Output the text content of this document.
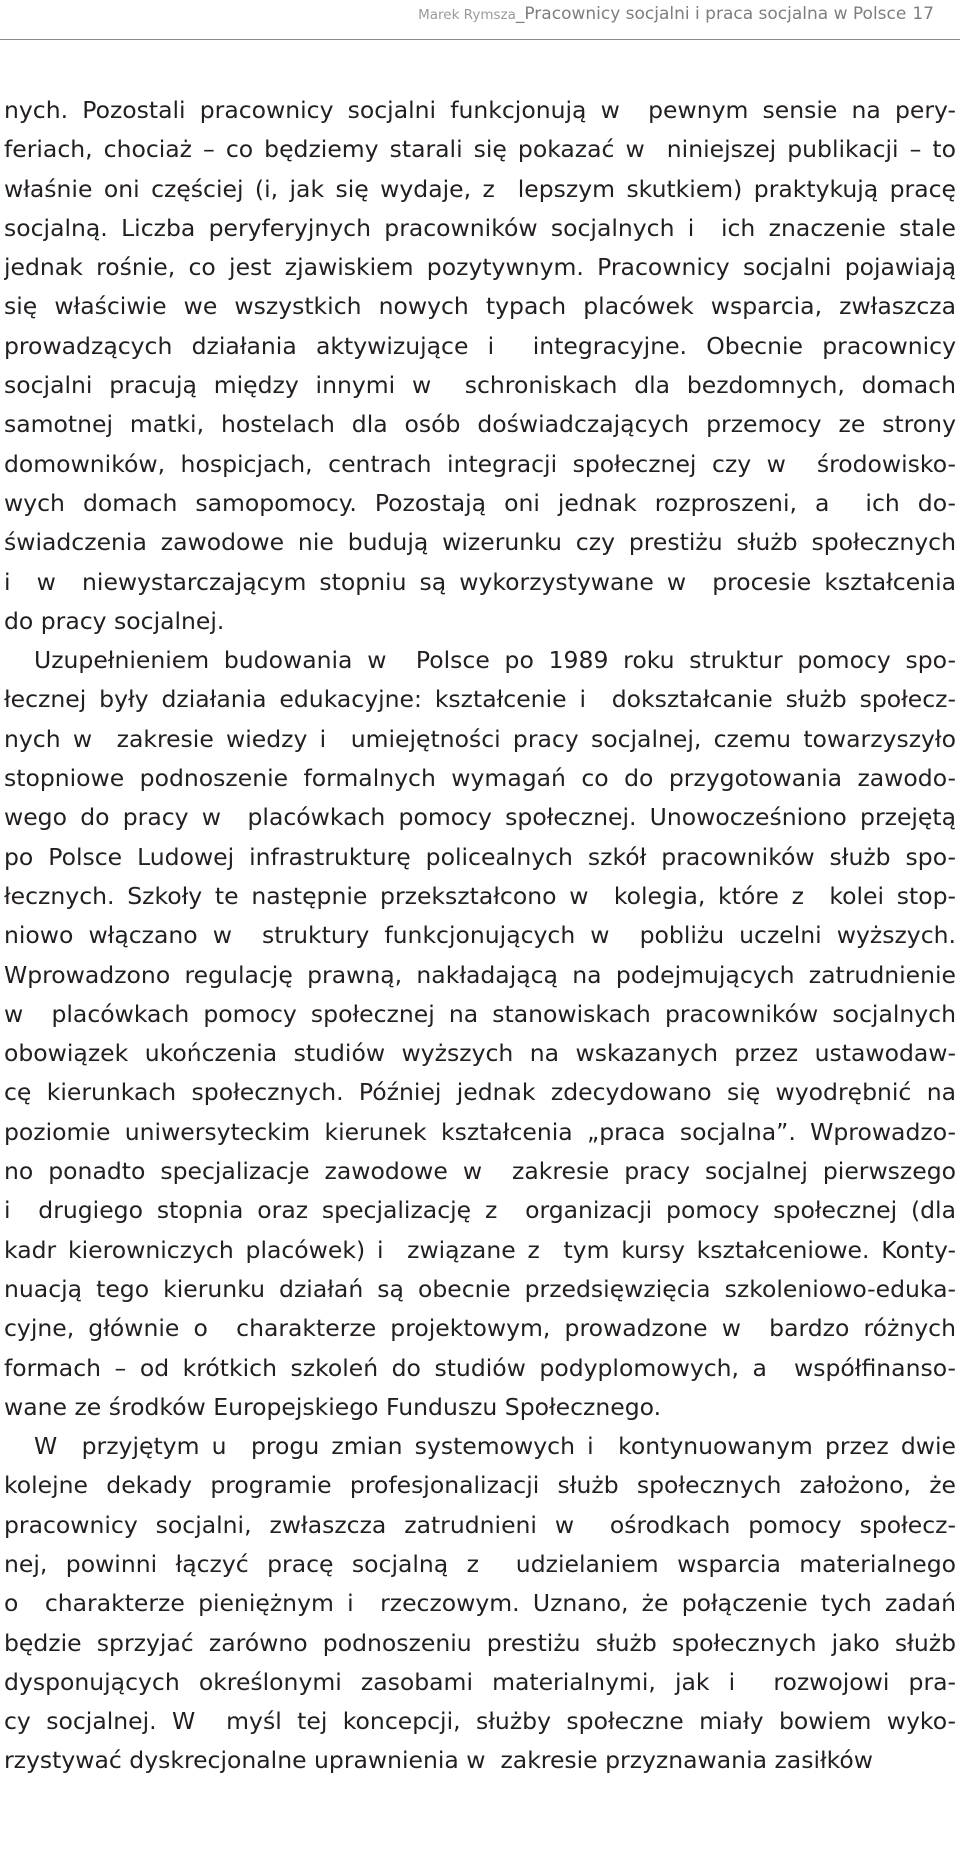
Marek Rymsza_Pracownicy socjalni i praca socjalna w Polsce 17
nych. Pozostali pracownicy socjalni funkcjonują w  pewnym sensie na pery-
feriach, chociaż – co będziemy starali się pokazać w  niniejszej publikacji – to
właśnie oni częściej (i, jak się wydaje, z  lepszym skutkiem) praktykują pracę
socjalną. Liczba peryferyjnych pracowników socjalnych i  ich znaczenie stale
jednak rośnie, co jest zjawiskiem pozytywnym. Pracownicy socjalni pojawiają
się właściwie we wszystkich nowych typach placówek wsparcia, zwłaszcza
prowadzących działania aktywizujące i  integracyjne. Obecnie pracownicy
socjalni pracują między innymi w  schroniskach dla bezdomnych, domach
samotnej matki, hostelach dla osób doświadczających przemocy ze strony
domowników, hospicjach, centrach integracji społecznej czy w  środowisko-
wych domach samopomocy. Pozostają oni jednak rozproszeni, a  ich do-
świadczenia zawodowe nie budują wizerunku czy prestiżu służb społecznych
i  w  niewystarczającym stopniu są wykorzystywane w  procesie kształcenia
do pracy socjalnej.
Uzupełnieniem budowania w  Polsce po 1989 roku struktur pomocy spo-
łecznej były działania edukacyjne: kształcenie i  dokształcanie służb społecz-
nych w  zakresie wiedzy i  umiejętności pracy socjalnej, czemu towarzyszyło
stopniowe podnoszenie formalnych wymagań co do przygotowania zawodo-
wego do pracy w  placówkach pomocy społecznej. Unowocześniono przejętą
po Polsce Ludowej infrastrukturę policealnych szkół pracowników służb spo-
łecznych. Szkoły te następnie przekształcono w  kolegia, które z  kolei stop-
niowo włączano w  struktury funkcjonujących w  pobliżu uczelni wyższych.
Wprowadzono regulację prawną, nakładającą na podejmujących zatrudnienie
w  placówkach pomocy społecznej na stanowiskach pracowników socjalnych
obowiązek ukończenia studiów wyższych na wskazanych przez ustawodaw-
cę kierunkach społecznych. Później jednak zdecydowano się wyodrębnić na
poziomie uniwersyteckim kierunek kształcenia „praca socjalna”. Wprowadzo-
no ponadto specjalizacje zawodowe w  zakresie pracy socjalnej pierwszego
i  drugiego stopnia oraz specjalizację z  organizacji pomocy społecznej (dla
kadr kierowniczych placówek) i  związane z  tym kursy kształceniowe. Konty-
nuacją tego kierunku działań są obecnie przedsięwzięcia szkoleniowo-eduka-
cyjne, głównie o  charakterze projektowym, prowadzone w  bardzo różnych
formach – od krótkich szkoleń do studiów podyplomowych, a  współfinanso-
wane ze środków Europejskiego Funduszu Społecznego.
W  przyjętym u  progu zmian systemowych i  kontynuowanym przez dwie
kolejne dekady programie profesjonalizacji służb społecznych założono, że
pracownicy socjalni, zwłaszcza zatrudnieni w  ośrodkach pomocy społecz-
nej, powinni łączyć pracę socjalną z  udzielaniem wsparcia materialnego
o  charakterze pieniężnym i  rzeczowym. Uznano, że połączenie tych zadań
będzie sprzyjać zarówno podnoszeniu prestiżu służb społecznych jako służb
dysponujących określonymi zasobami materialnymi, jak i  rozwojowi pra-
cy socjalnej. W  myśl tej koncepcji, służby społeczne miały bowiem wyko-
rzystywać dyskrecjonalne uprawnienia w  zakresie przyznawania zasiłków
